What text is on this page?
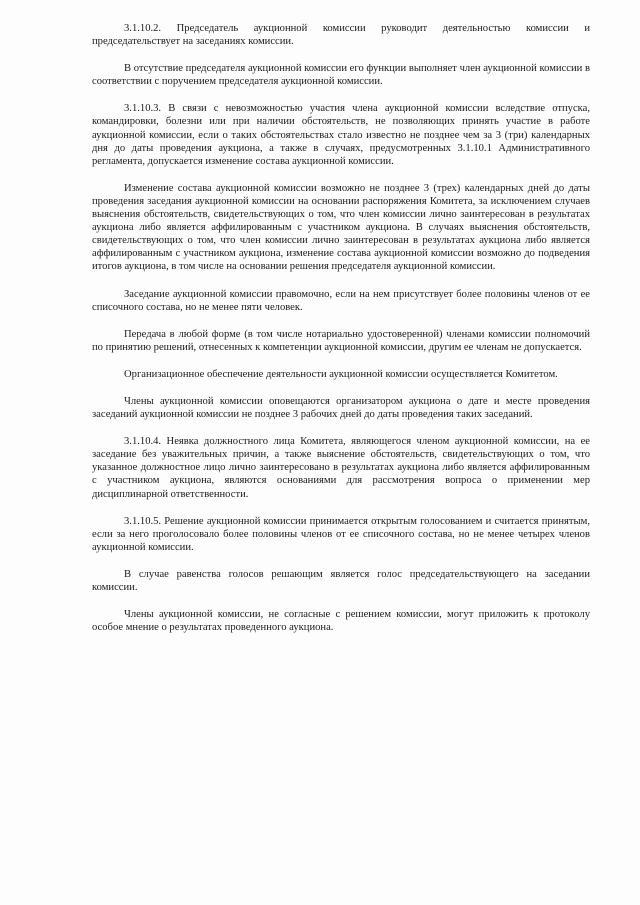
3.1.10.2. Председатель аукционной комиссии руководит деятельностью комиссии и председательствует на заседаниях комиссии.

В отсутствие председателя аукционной комиссии его функции выполняет член аукционной комиссии в соответствии с поручением председателя аукционной комиссии.

3.1.10.3. В связи с невозможностью участия члена аукционной комиссии вследствие отпуска, командировки, болезни или при наличии обстоятельств, не позволяющих принять участие в работе аукционной комиссии, если о таких обстоятельствах стало известно не позднее чем за 3 (три) календарных дня до даты проведения аукциона, а также в случаях, предусмотренных 3.1.10.1 Административного регламента, допускается изменение состава аукционной комиссии.

Изменение состава аукционной комиссии возможно не позднее 3 (трех) календарных дней до даты проведения заседания аукционной комиссии на основании распоряжения Комитета, за исключением случаев выяснения обстоятельств, свидетельствующих о том, что член комиссии лично заинтересован в результатах аукциона либо является аффилированным с участником аукциона. В случаях выяснения обстоятельств, свидетельствующих о том, что член комиссии лично заинтересован в результатах аукциона либо является аффилированным с участником аукциона, изменение состава аукционной комиссии возможно до подведения итогов аукциона, в том числе на основании решения председателя аукционной комиссии.

Заседание аукционной комиссии правомочно, если на нем присутствует более половины членов от ее списочного состава, но не менее пяти человек.

Передача в любой форме (в том числе нотариально удостоверенной) членами комиссии полномочий по принятию решений, отнесенных к компетенции аукционной комиссии, другим ее членам не допускается.

Организационное обеспечение деятельности аукционной комиссии осуществляется Комитетом.

Члены аукционной комиссии оповещаются организатором аукциона о дате и месте проведения заседаний аукционной комиссии не позднее 3 рабочих дней до даты проведения таких заседаний.

3.1.10.4. Неявка должностного лица Комитета, являющегося членом аукционной комиссии, на ее заседание без уважительных причин, а также выяснение обстоятельств, свидетельствующих о том, что указанное должностное лицо лично заинтересовано в результатах аукциона либо является аффилированным с участником аукциона, являются основаниями для рассмотрения вопроса о применении мер дисциплинарной ответственности.

3.1.10.5. Решение аукционной комиссии принимается открытым голосованием и считается принятым, если за него проголосовало более половины членов от ее списочного состава, но не менее четырех членов аукционной комиссии.

В случае равенства голосов решающим является голос председательствующего на заседании комиссии.

Члены аукционной комиссии, не согласные с решением комиссии, могут приложить к протоколу особое мнение о результатах проведенного аукциона.
